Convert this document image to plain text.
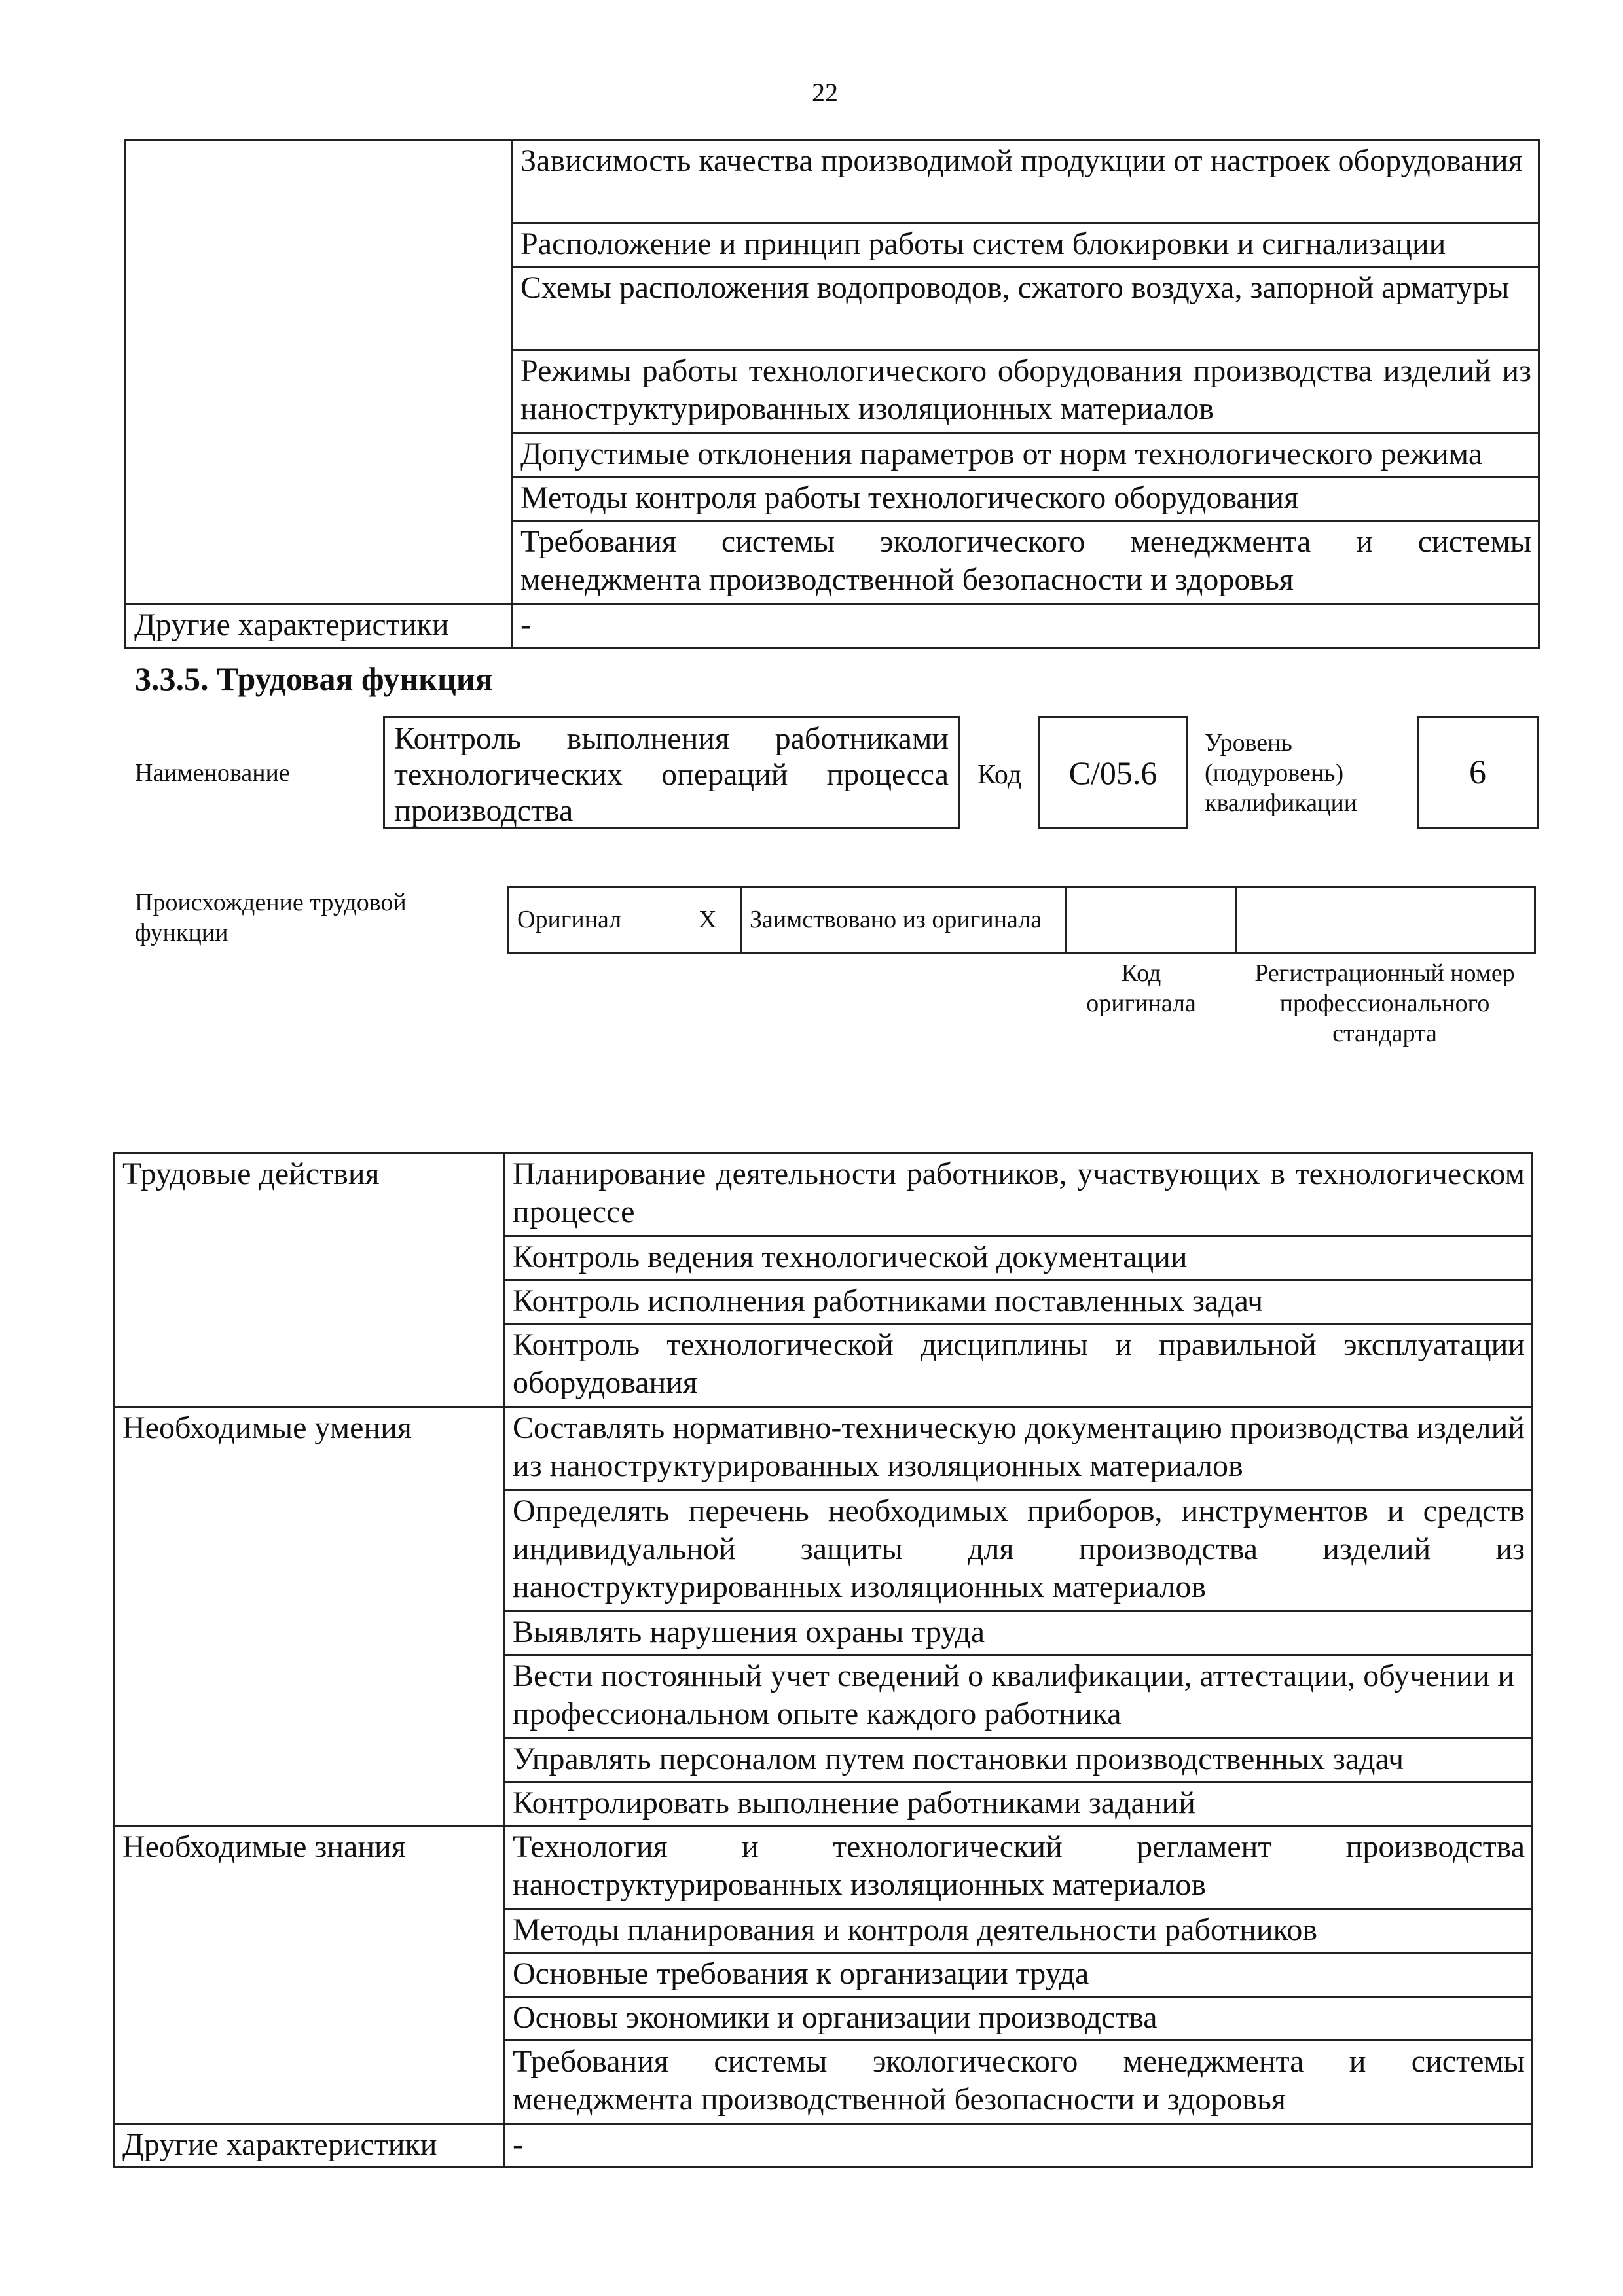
22
	Зависимость качества производимой продукции от настроек оборудования
	Расположение и принцип работы систем блокировки и сигнализации
	Схемы расположения водопроводов, сжатого воздуха, запорной арматуры
	Режимы работы технологического оборудования производства изделий из наноструктурированных изоляционных материалов
	Допустимые отклонения параметров от норм технологического режима
	Методы контроля работы технологического оборудования
	Требования системы экологического менеджмента и системы менеджмента производственной безопасности и здоровья
Другие характеристики	-
3.3.5. Трудовая функция
Наименование
Контроль выполнения работниками технологических операций процесса производства
Код	С/05.6
Уровень (подуровень) квалификации
6
Происхождение трудовой функции	Оригинал	X	Заимствовано из оригинала		
Код оригинала
Регистрационный номер профессионального стандарта
Трудовые действия	Планирование деятельности работников, участвующих в технологическом процессе
	Контроль ведения технологической документации
	Контроль исполнения работниками поставленных задач
	Контроль технологической дисциплины и правильной эксплуатации оборудования
Необходимые умения	Составлять нормативно-техническую документацию производства изделий из наноструктурированных изоляционных материалов
	Определять перечень необходимых приборов, инструментов и средств индивидуальной защиты для производства изделий из наноструктурированных изоляционных материалов
	Выявлять нарушения охраны труда
	Вести постоянный учет сведений о квалификации, аттестации, обучении и профессиональном опыте каждого работника
	Управлять персоналом путем постановки производственных задач
	Контролировать выполнение работниками заданий
Необходимые знания	Технология и технологический регламент производства наноструктурированных изоляционных материалов
	Методы планирования и контроля деятельности работников
	Основные требования к организации труда
	Основы экономики и организации производства
	Требования системы экологического менеджмента и системы менеджмента производственной безопасности и здоровья
Другие характеристики	-
